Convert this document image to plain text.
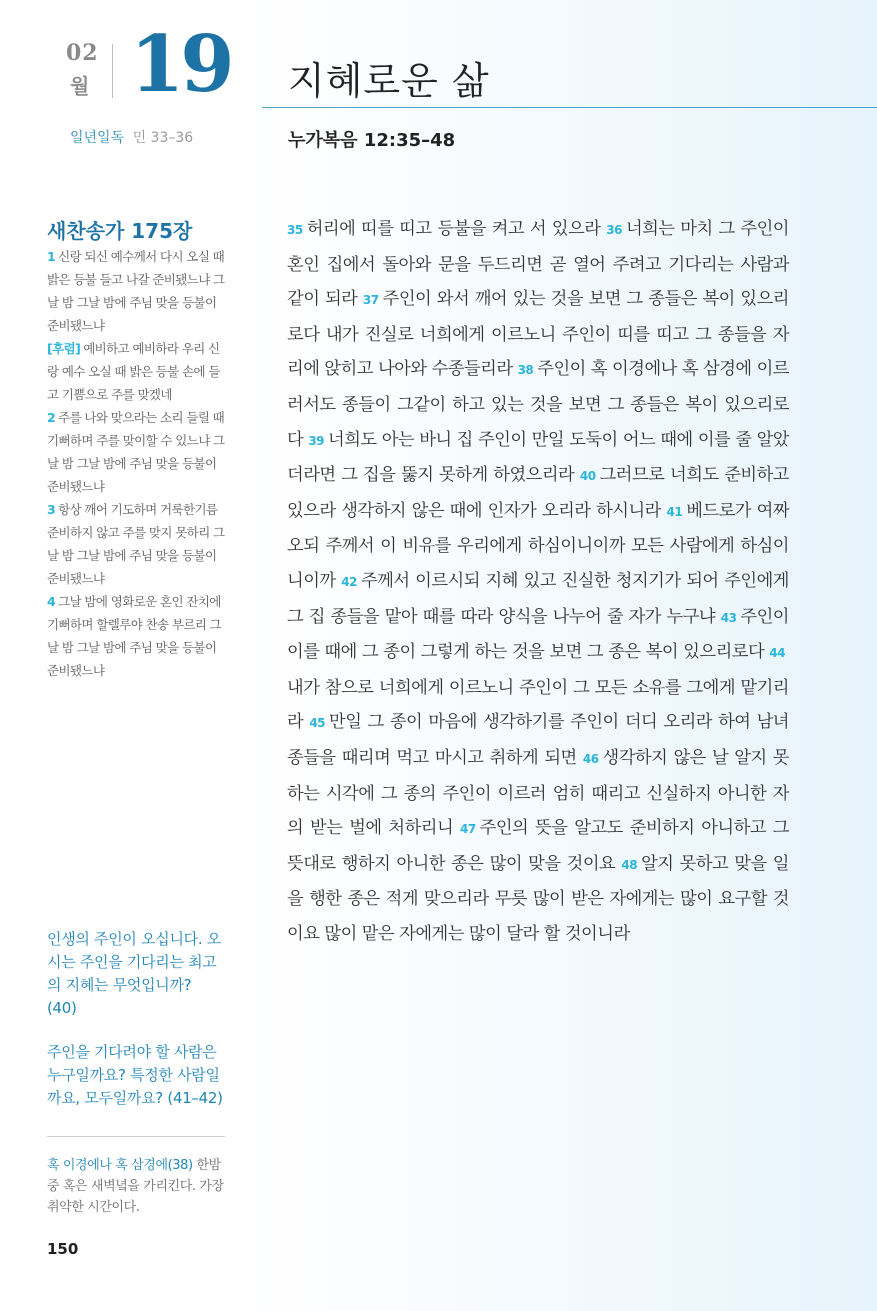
02
월 19 지혜로운 삶
일년일독 민 33–36	누가복음 12:35–48
새찬송가 175장

1 신랑 되신 예수께서 다시 오실 때 밝은 등불 들고 나갈 준비됐느냐 그날 밤 그날 밤에 주님 맞을 등불이 준비됐느냐

[후렴] 예비하고 예비하라 우리 신랑 예수 오실 때 밝은 등불 손에 들고 기쁨으로 주를 맞겠네

2 주를 나와 맞으라는 소리 들릴 때 기뻐하며 주를 맞이할 수 있느냐 그날 밤 그날 밤에 주님 맞을 등불이 준비됐느냐

3 항상 깨어 기도하며 거룩한기름 준비하지 않고 주를 맞지 못하리 그날 밤 그날 밤에 주님 맞을 등불이 준비됐느냐

4 그날 밤에 영화로운 혼인 잔치에 기뻐하며 할렐루야 찬송 부르리 그날 밤 그날 밤에 주님 맞을 등불이 준비됐느냐

35 허리에 띠를 띠고 등불을 켜고 서 있으라 36 너희는 마치 그 주인이 혼인 집에서 돌아와 문을 두드리면 곧 열어 주려고 기다리는 사람과 같이 되라 37 주인이 와서 깨어 있는 것을 보면 그 종들은 복이 있으리로다 내가 진실로 너희에게 이르노니 주인이 띠를 띠고 그 종들을 자리에 앉히고 나아와 수종들리라 38 주인이 혹 이경에나 혹 삼경에 이르러서도 종들이 그같이 하고 있는 것을 보면 그 종들은 복이 있으리로다 39 너희도 아는 바니 집 주인이 만일 도둑이 어느 때에 이를 줄 알았더라면 그 집을 뚫지 못하게 하였으리라 40 그러므로 너희도 준비하고 있으라 생각하지 않은 때에 인자가 오리라 하시니라 41 베드로가 여짜오되 주께서 이 비유를 우리에게 하심이니이까 모든 사람에게 하심이니이까 42 주께서 이르시되 지혜 있고 진실한 청지기가 되어 주인에게 그 집 종들을 맡아 때를 따라 양식을 나누어 줄 자가 누구냐 43 주인이 이를 때에 그 종이 그렇게 하는 것을 보면 그 종은 복이 있으리로다 44내가 참으로 너희에게 이르노니 주인이 그 모든 소유를 그에게 맡기리라 45 만일 그 종이 마음에 생각하기를 주인이 더디 오리라 하여 남녀 종들을 때리며 먹고 마시고 취하게 되면 46 생각하지 않은 날 알지 못하는 시각에 그 종의 주인이 이르러 엄히 때리고 신실하지 아니한 자의 받는 벌에 처하리니 47 주인의 뜻을 알고도 준비하지 아니하고 그 뜻대로 행하지 아니한 종은 많이 맞을 것이요 48 알지 못하고 맞을 일을 행한 종은 적게 맞으리라 무릇 많이 받은 자에게는 많이 요구할 것이요 많이 맡은 자에게는 많이 달라 할 것이니라

인생의 주인이 오십니다. 오시는 주인을 기다리는 최고의 지혜는 무엇입니까? (40)

주인을 기다려야 할 사람은 누구일까요? 특정한 사람일까요, 모두일까요? (41–42)

혹 이경에나 혹 삼경에(38) 한밤중 혹은 새벽녘을 가리킨다. 가장 취약한 시간이다.

150
